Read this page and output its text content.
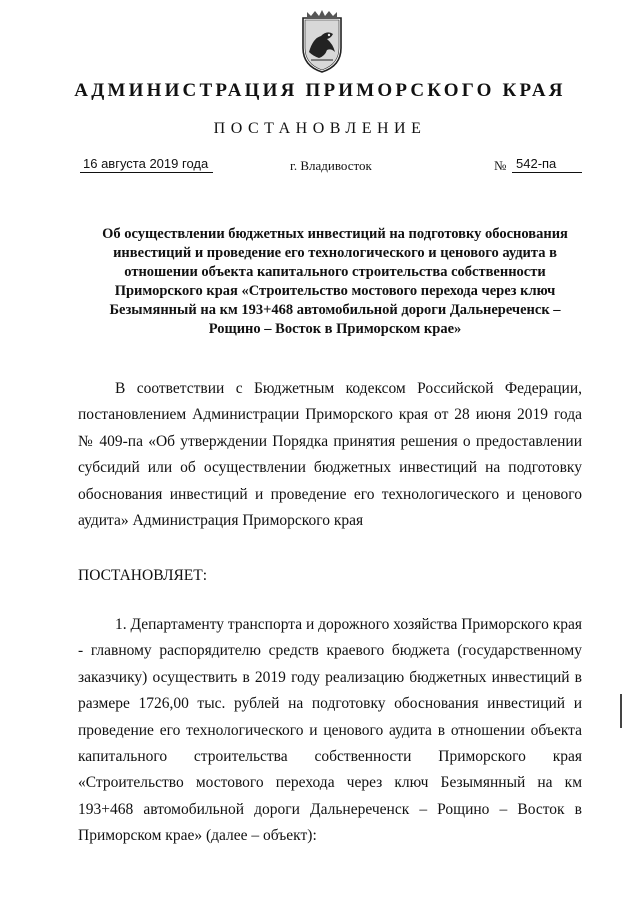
АДМИНИСТРАЦИЯ ПРИМОРСКОГО КРАЯ
ПОСТАНОВЛЕНИЕ
16 августа 2019 года	г. Владивосток	№ 542-па
Об осуществлении бюджетных инвестиций на подготовку обоснования инвестиций и проведение его технологического и ценового аудита в отношении объекта капитального строительства собственности Приморского края «Строительство мостового перехода через ключ Безымянный на км 193+468 автомобильной дороги Дальнереченск – Рощино – Восток в Приморском крае»
В соответствии с Бюджетным кодексом Российской Федерации, постановлением Администрации Приморского края от 28 июня 2019 года № 409-па «Об утверждении Порядка принятия решения о предоставлении субсидий или об осуществлении бюджетных инвестиций на подготовку обоснования инвестиций и проведение его технологического и ценового аудита» Администрация Приморского края
ПОСТАНОВЛЯЕТ:
1. Департаменту транспорта и дорожного хозяйства Приморского края - главному распорядителю средств краевого бюджета (государственному заказчику) осуществить в 2019 году реализацию бюджетных инвестиций в размере 1726,00 тыс. рублей на подготовку обоснования инвестиций и проведение его технологического и ценового аудита в отношении объекта капитального строительства собственности Приморского края «Строительство мостового перехода через ключ Безымянный на км 193+468 автомобильной дороги Дальнереченск – Рощино – Восток в Приморском крае» (далее – объект):
